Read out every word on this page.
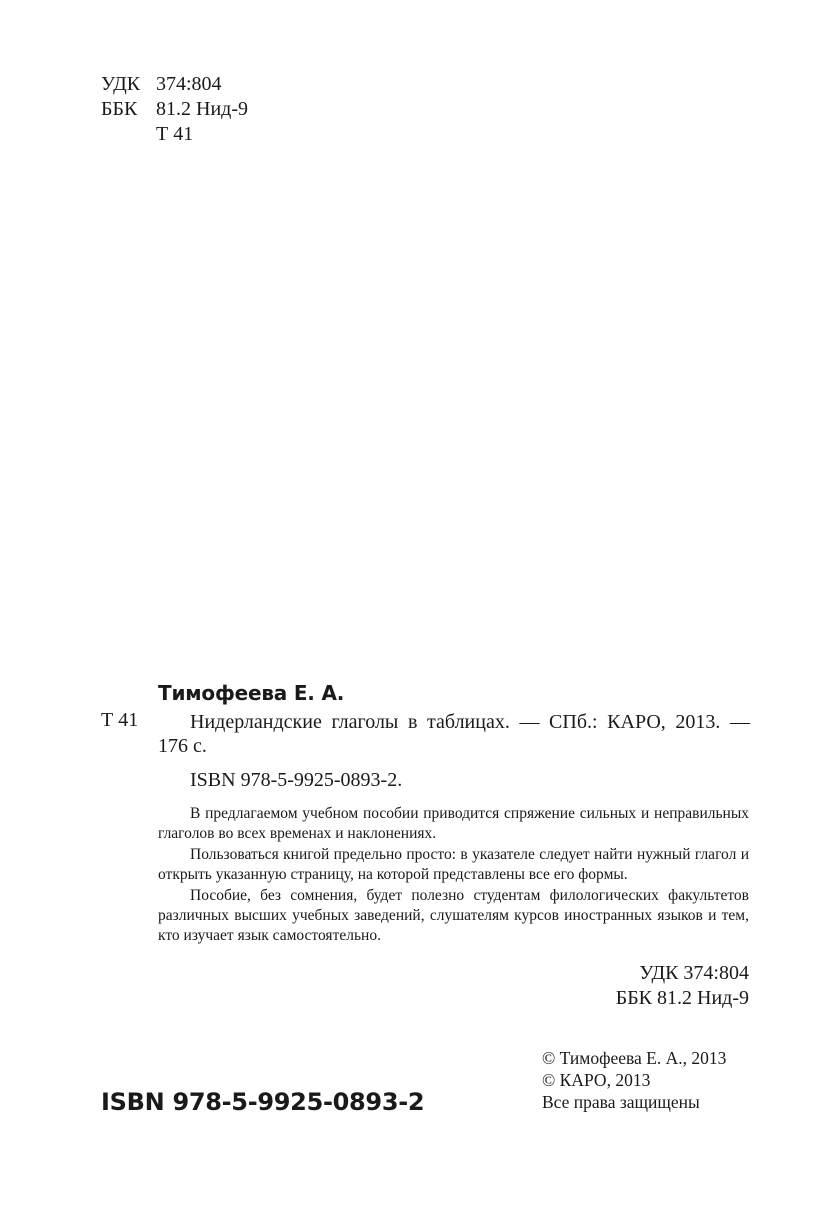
УДК 374:804
ББК 81.2 Нид-9
Т 41
Тимофеева Е. А.
Т 41	Нидерландские глаголы в таблицах. — СПб.: КАРО, 2013. —
176 с.
ISBN 978-5-9925-0893-2.

В предлагаемом учебном пособии приводится спряжение сильных и неправильных глаголов во всех временах и наклонениях.

Пользоваться книгой предельно просто: в указателе следует найти нужный глагол и открыть указанную страницу, на которой представлены все его формы.

Пособие, без сомнения, будет полезно студентам филологических факультетов различных высших учебных заведений, слушателям курсов иностранных языков и тем, кто изучает язык самостоятельно.

УДК 374:804
ББК 81.2 Нид-9
© Тимофеева Е. А., 2013
© КАРО, 2013
Все права защищены
ISBN 978-5-9925-0893-2
